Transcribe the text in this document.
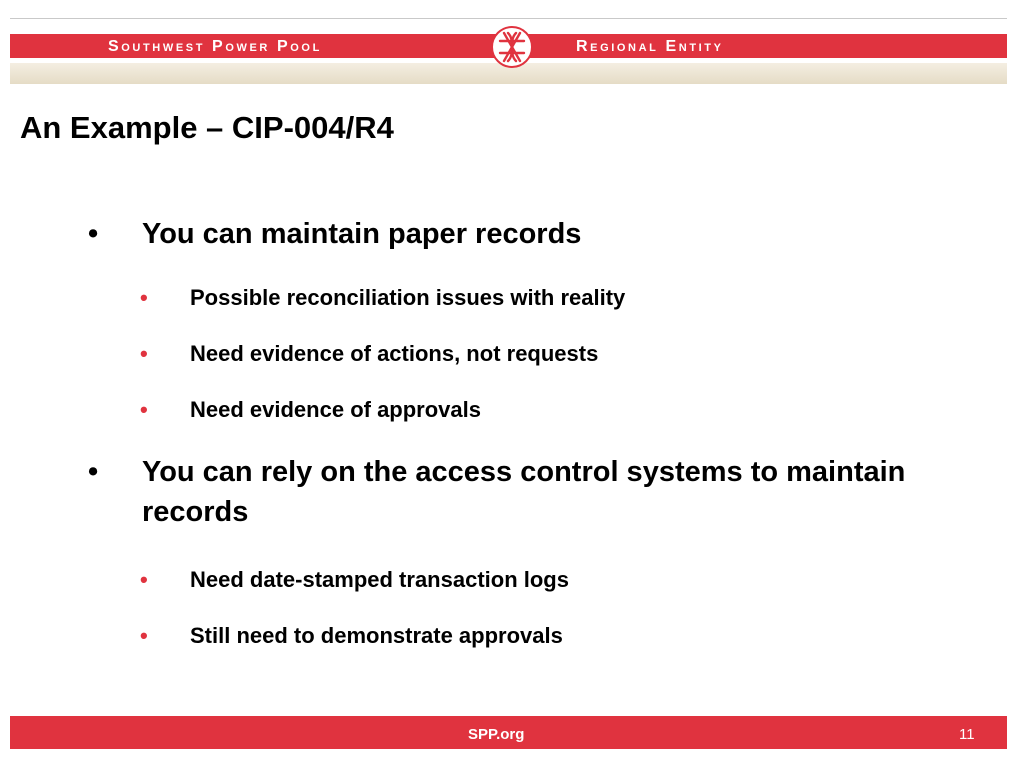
Southwest Power Pool	Regional Entity
An Example – CIP-004/R4
• You can maintain paper records
• Possible reconciliation issues with reality
• Need evidence of actions, not requests
• Need evidence of approvals
• You can rely on the access control systems to maintain records
• Need date-stamped transaction logs
• Still need to demonstrate approvals
SPP.org	11
